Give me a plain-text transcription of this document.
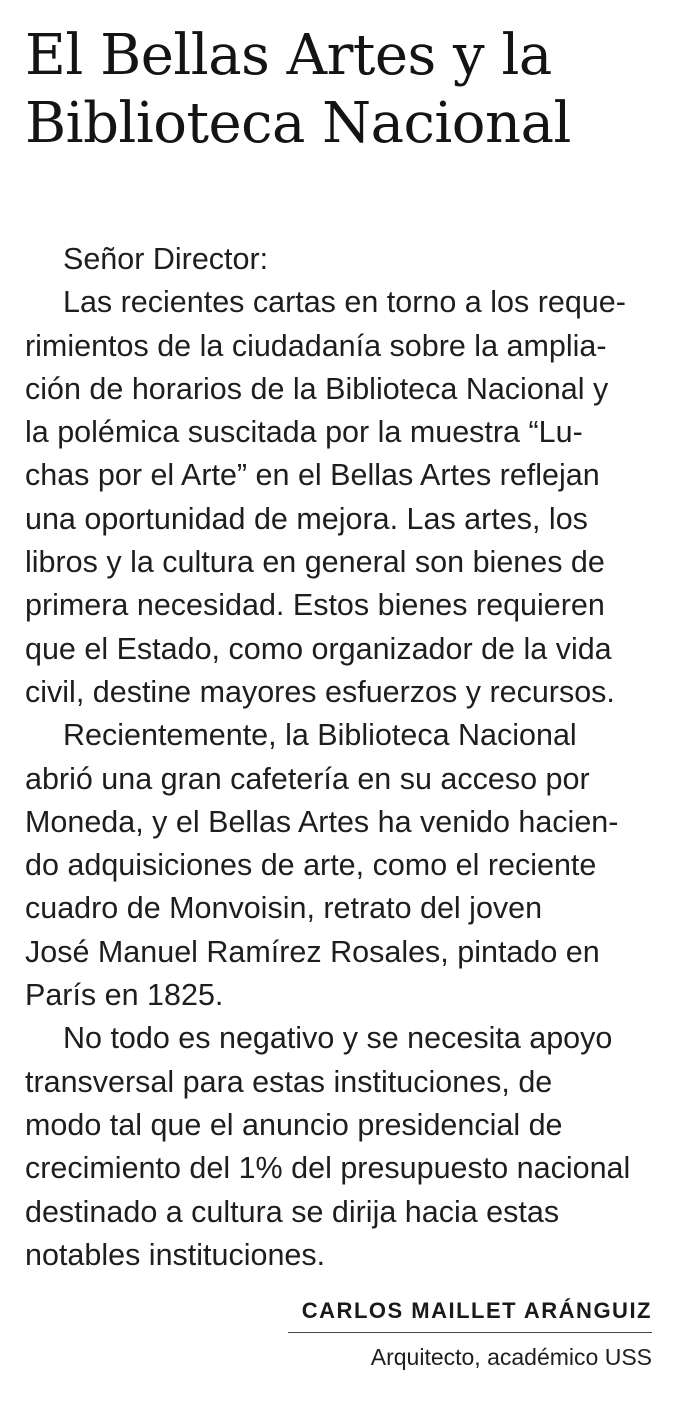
El Bellas Artes y la
Biblioteca Nacional
Señor Director:
Las recientes cartas en torno a los reque-
rimientos de la ciudadanía sobre la amplia-
ción de horarios de la Biblioteca Nacional y
la polémica suscitada por la muestra “Lu-
chas por el Arte” en el Bellas Artes reflejan
una oportunidad de mejora. Las artes, los
libros y la cultura en general son bienes de
primera necesidad. Estos bienes requieren
que el Estado, como organizador de la vida
civil, destine mayores esfuerzos y recursos.
Recientemente, la Biblioteca Nacional
abrió una gran cafetería en su acceso por
Moneda, y el Bellas Artes ha venido hacien-
do adquisiciones de arte, como el reciente
cuadro de Monvoisin, retrato del joven
José Manuel Ramírez Rosales, pintado en
París en 1825.
No todo es negativo y se necesita apoyo
transversal para estas instituciones, de
modo tal que el anuncio presidencial de
crecimiento del 1% del presupuesto nacional
destinado a cultura se dirija hacia estas
notables instituciones.
CARLOS MAILLET ARÁNGUIZ
Arquitecto, académico USS
